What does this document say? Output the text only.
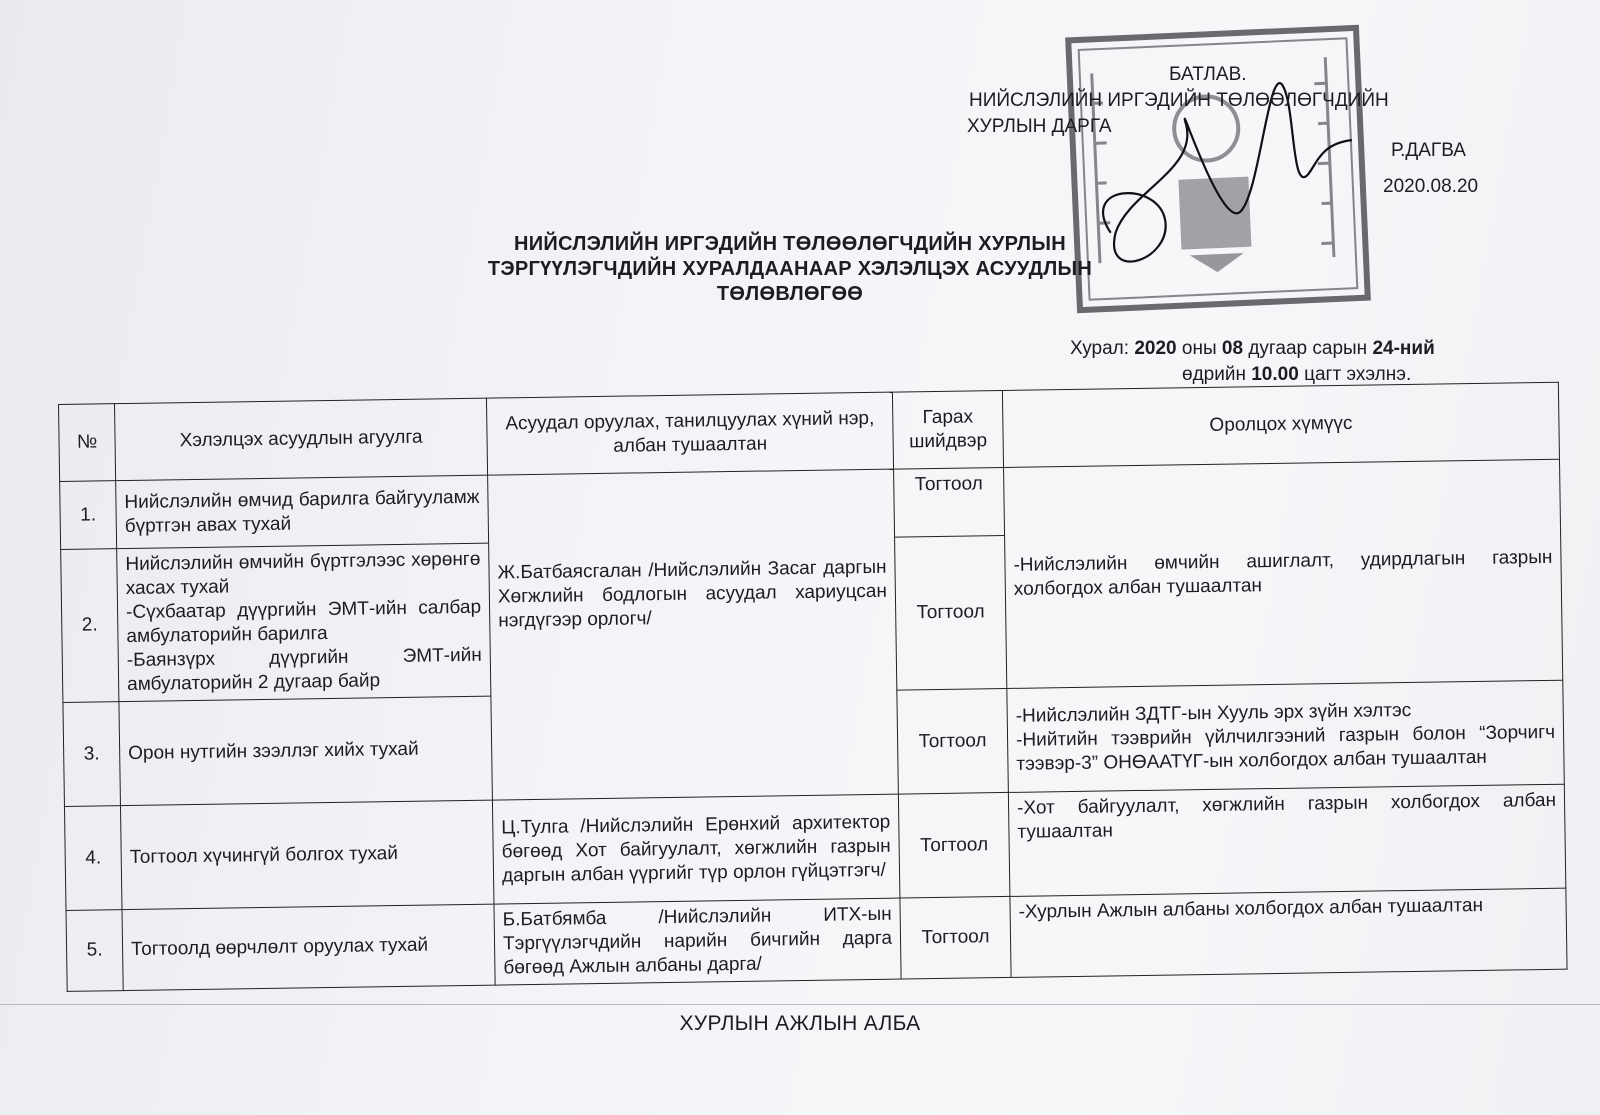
БАТЛАВ.
НИЙСЛЭЛИЙН ИРГЭДИЙН ТӨЛӨӨЛӨГЧДИЙН
ХУРЛЫН ДАРГА
Р.ДАГВА
2020.08.20
НИЙСЛЭЛИЙН ИРГЭДИЙН ТӨЛӨӨЛӨГЧДИЙН ХУРЛЫН
ТЭРГҮҮЛЭГЧДИЙН ХУРАЛДААНААР ХЭЛЭЛЦЭХ АСУУДЛЫН
ТӨЛӨВЛӨГӨӨ
Хурал: 2020 оны 08 дугаар сарын 24-ний
өдрийн 10.00 цагт эхэлнэ.
№	Хэлэлцэх асуудлын агуулга	Асуудал оруулах, танилцуулах хүний нэр, албан тушаалтан	Гарах шийдвэр	Оролцох хүмүүс
1.	Нийслэлийн өмчид барилга байгууламж бүртгэн авах тухай	Ж.Батбаясгалан /Нийслэлийн Засаг даргын Хөгжлийн бодлогын асуудал хариуцсан нэгдүгээр орлогч/	Тогтоол	-Нийслэлийн өмчийн ашиглалт, удирдлагын газрын холбогдох албан тушаалтан
2.	Нийслэлийн өмчийн бүртгэлээс хөрөнгө хасах тухай
-Сүхбаатар дүүргийн ЭМТ-ийн салбар амбулаторийн барилга
-Баянзүрх дүүргийн ЭМТ-ийн амбулаторийн 2 дугаар байр		Тогтоол	
3.	Орон нутгийн зээллэг хийх тухай		Тогтоол	-Нийслэлийн ЗДТГ-ын Хууль эрх зүйн хэлтэс
-Нийтийн тээврийн үйлчилгээний газрын болон “Зорчигч тээвэр-3” ОНӨААТҮГ-ын холбогдох албан тушаалтан

4.	Тогтоол хүчингүй болгох тухай	Ц.Тулга /Нийслэлийн Ерөнхий архитектор бөгөөд Хот байгуулалт, хөгжлийн газрын даргын албан үүргийг түр орлон гүйцэтгэгч/	Тогтоол	-Хот байгуулалт, хөгжлийн газрын холбогдох албан тушаалтан
5.	Тогтоолд өөрчлөлт оруулах тухай	Б.Батбямба /Нийслэлийн ИТХ-ын Тэргүүлэгчдийн нарийн бичгийн дарга бөгөөд Ажлын албаны дарга/	Тогтоол	-Хурлын Ажлын албаны холбогдох албан тушаалтан
ХУРЛЫН АЖЛЫН АЛБА
